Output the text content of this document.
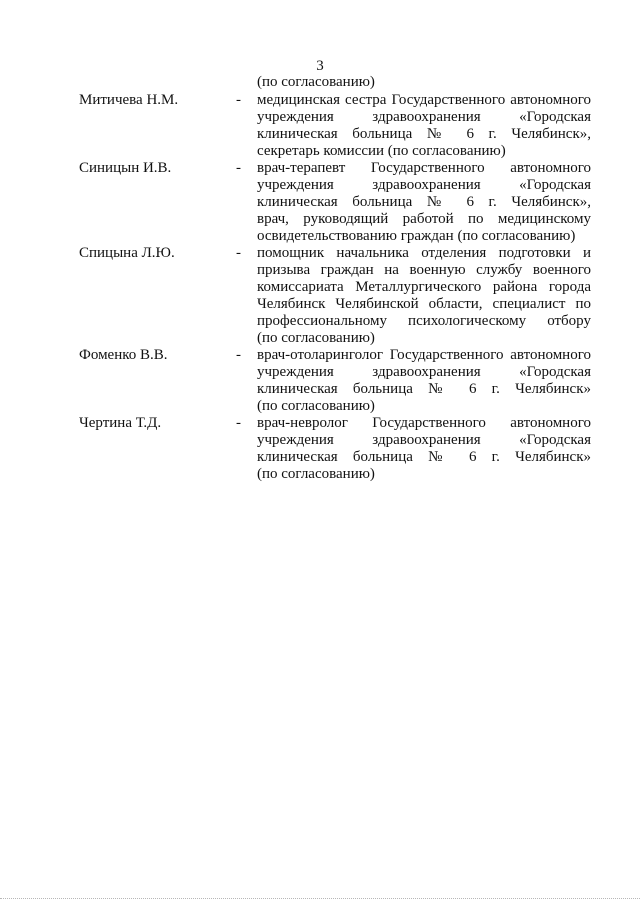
3
(по согласованию)
Митичева Н.М.	- медицинская сестра Государственного автономного
учреждения здравоохранения «Городская
клиническая больница № 6 г. Челябинск»,
секретарь комиссии (по согласованию)
Синицын И.В.	- врач-терапевт Государственного автономного
учреждения здравоохранения «Городская
клиническая больница № 6 г. Челябинск»,
врач, руководящий работой по медицинскому
освидетельствованию граждан (по согласованию)
Спицына Л.Ю.	- помощник начальника отделения подготовки и
призыва граждан на военную службу военного
комиссариата Металлургического района города
Челябинск Челябинской области, специалист по
профессиональному психологическому отбору
(по согласованию)
Фоменко В.В.	- врач-отоларинголог Государственного автономного
учреждения здравоохранения «Городская
клиническая больница № 6 г. Челябинск»
(по согласованию)
Чертина Т.Д.	- врач-невролог Государственного автономного
учреждения здравоохранения «Городская
клиническая больница № 6 г. Челябинск»
(по согласованию)
